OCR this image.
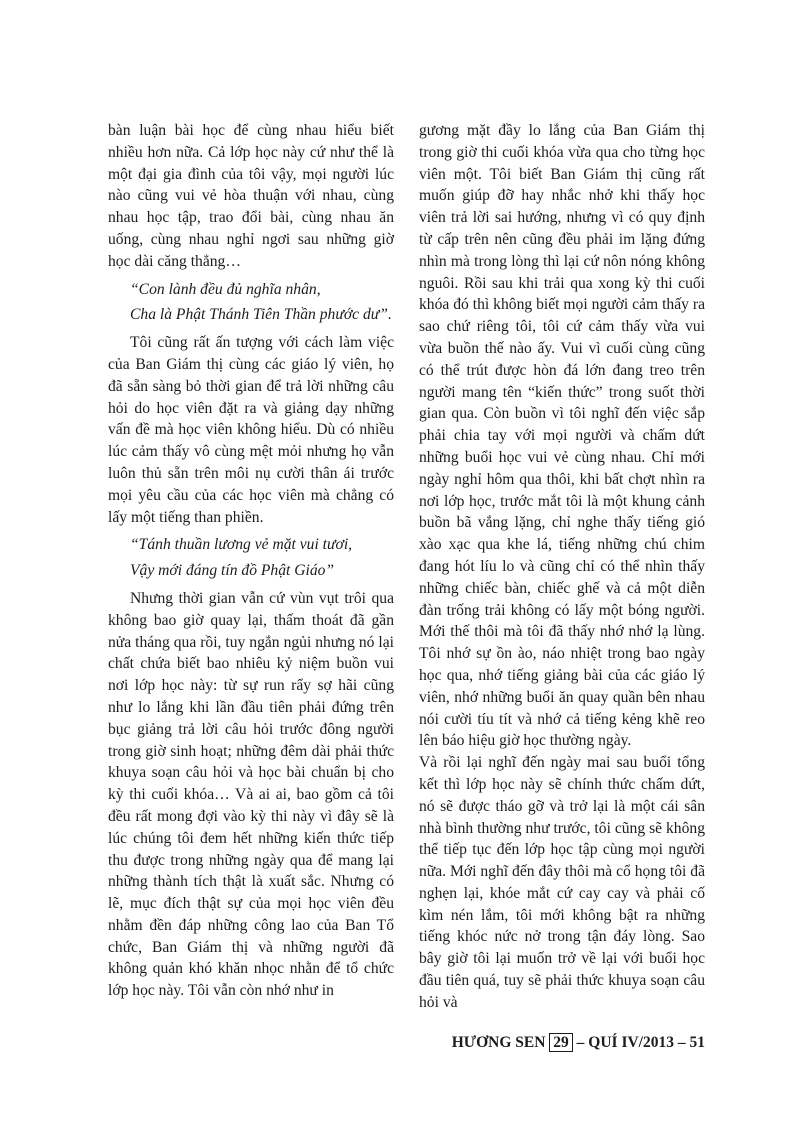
bàn luận bài học để cùng nhau hiểu biết nhiều hơn nữa. Cả lớp học này cứ như thể là một đại gia đình của tôi vậy, mọi người lúc nào cũng vui vẻ hòa thuận với nhau, cùng nhau học tập, trao đổi bài, cùng nhau ăn uống, cùng nhau nghỉ ngơi sau những giờ học dài căng thẳng…

“Con lành đều đủ nghĩa nhân,

Cha là Phật Thánh Tiên Thần phước dư”.

Tôi cũng rất ấn tượng với cách làm việc của Ban Giám thị cùng các giáo lý viên, họ đã sẵn sàng bỏ thời gian để trả lời những câu hỏi do học viên đặt ra và giảng dạy những vấn đề mà học viên không hiểu. Dù có nhiều lúc cảm thấy vô cùng mệt mỏi nhưng họ vẫn luôn thủ sẵn trên môi nụ cười thân ái trước mọi yêu cầu của các học viên mà chẳng có lấy một tiếng than phiền.

“Tánh thuần lương vẻ mặt vui tươi,

Vậy mới đáng tín đồ Phật Giáo”

Nhưng thời gian vẫn cứ vùn vụt trôi qua không bao giờ quay lại, thấm thoát đã gần nửa tháng qua rồi, tuy ngắn ngủi nhưng nó lại chất chứa biết bao nhiêu kỷ niệm buồn vui nơi lớp học này: từ sự run rẩy sợ hãi cũng như lo lắng khi lần đầu tiên phải đứng trên bục giảng trả lời câu hỏi trước đông người trong giờ sinh hoạt; những đêm dài phải thức khuya soạn câu hỏi và học bài chuẩn bị cho kỳ thi cuối khóa… Và ai ai, bao gồm cả tôi đều rất mong đợi vào kỳ thi này vì đây sẽ là lúc chúng tôi đem hết những kiến thức tiếp thu được trong những ngày qua để mang lại những thành tích thật là xuất sắc. Nhưng có lẽ, mục đích thật sự của mọi học viên đều nhằm đền đáp những công lao của Ban Tổ chức, Ban Giám thị và những người đã không quản khó khăn nhọc nhằn để tổ chức lớp học này. Tôi vẫn còn nhớ như in

gương mặt đầy lo lắng của Ban Giám thị trong giờ thi cuối khóa vừa qua cho từng học viên một. Tôi biết Ban Giám thị cũng rất muốn giúp đỡ hay nhắc nhở khi thấy học viên trả lời sai hướng, nhưng vì có quy định từ cấp trên nên cũng đều phải im lặng đứng nhìn mà trong lòng thì lại cứ nôn nóng không nguôi. Rồi sau khi trải qua xong kỳ thi cuối khóa đó thì không biết mọi người cảm thấy ra sao chứ riêng tôi, tôi cứ cảm thấy vừa vui vừa buồn thế nào ấy. Vui vì cuối cùng cũng có thể trút được hòn đá lớn đang treo trên người mang tên “kiến thức” trong suốt thời gian qua. Còn buồn vì tôi nghĩ đến việc sắp phải chia tay với mọi người và chấm dứt những buổi học vui vẻ cùng nhau. Chỉ mới ngày nghỉ hôm qua thôi, khi bất chợt nhìn ra nơi lớp học, trước mắt tôi là một khung cảnh buồn bã vắng lặng, chỉ nghe thấy tiếng gió xào xạc qua khe lá, tiếng những chú chim đang hót líu lo và cũng chỉ có thể nhìn thấy những chiếc bàn, chiếc ghế và cả một diễn đàn trống trải không có lấy một bóng người. Mới thế thôi mà tôi đã thấy nhớ nhớ lạ lùng. Tôi nhớ sự ồn ào, náo nhiệt trong bao ngày học qua, nhớ tiếng giảng bài của các giáo lý viên, nhớ những buổi ăn quay quần bên nhau nói cười tíu tít và nhớ cả tiếng kẻng khẽ reo lên báo hiệu giờ học thường ngày.

Và rồi lại nghĩ đến ngày mai sau buổi tổng kết thì lớp học này sẽ chính thức chấm dứt, nó sẽ được tháo gỡ và trở lại là một cái sân nhà bình thường như trước, tôi cũng sẽ không thể tiếp tục đến lớp học tập cùng mọi người nữa. Mới nghĩ đến đây thôi mà cổ họng tôi đã nghẹn lại, khóe mắt cứ cay cay và phải cố kìm nén lắm, tôi mới không bật ra những tiếng khóc nức nở trong tận đáy lòng. Sao bây giờ tôi lại muốn trở về lại với buổi học đầu tiên quá, tuy sẽ phải thức khuya soạn câu hỏi và

HƯƠNG SEN 29 – QUÍ IV/2013 – 51
